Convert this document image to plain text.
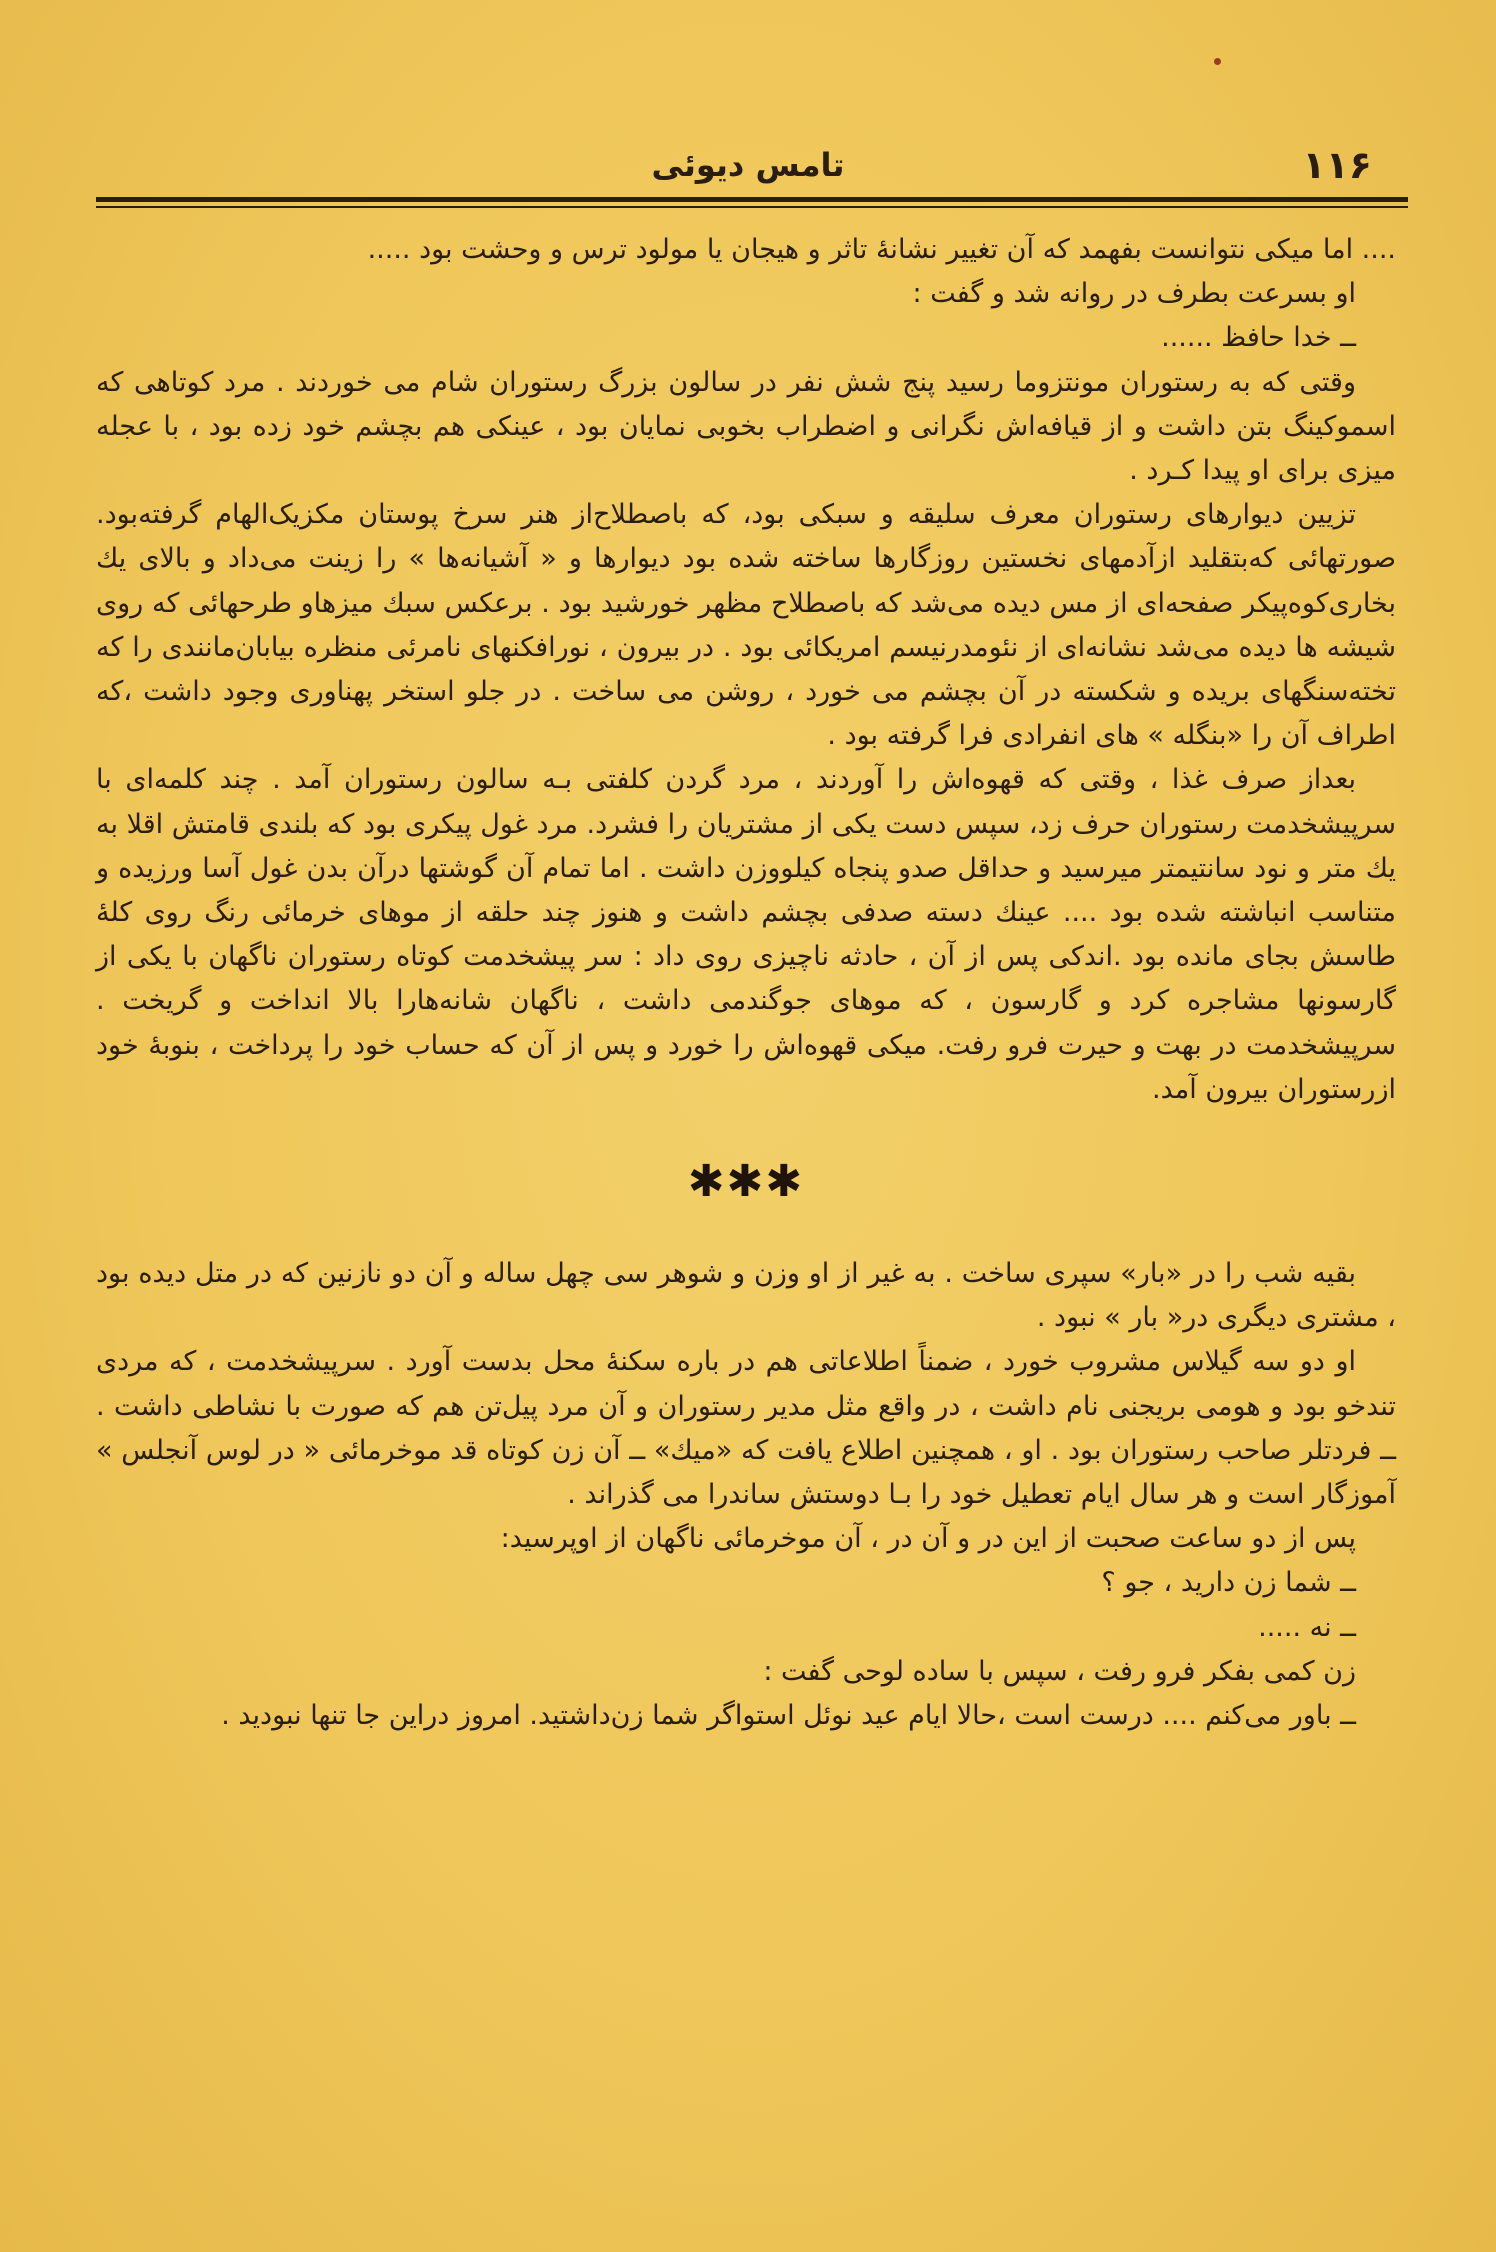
۱۱۶
تامس دیوئی

.... اما میکی نتوانست بفهمد که آن تغییر نشانهٔ تاثر و هیجان یا مولود ترس و وحشت بود .....

او بسرعت بطرف در روانه شد و گفت :

ــ خدا حافظ ......

وقتی که به رستوران مونتزوما رسید پنج شش نفر در سالون بزرگ رستوران شام می خوردند . مرد کوتاهی که اسموکینگ بتن داشت و از قیافه‌اش نگرانی و اضطراب بخوبی نمایان بود ، عینکی هم بچشم خود زده بود ، با عجله میزی برای او پیدا کـرد .

تزیین دیوارهای رستوران معرف سلیقه و سبکی بود، که باصطلاح‌از هنر سرخ پوستان مکزیک‌الهام گرفته‌بود. صورتهائی که‌بتقلید ازآدمهای نخستین روزگارها ساخته شده بود دیوارها و « آشیانه‌ها » را زینت می‌داد و بالای یك بخاری‌کوه‌پیکر صفحه‌ای از مس دیده می‌شد که باصطلاح مظهر خورشید بود . برعکس سبك میزهاو طرحهائی که روی شیشه ها دیده می‌شد نشانه‌ای از نئومدرنیسم امریکائی بود . در بیرون ، نورافکنهای نامرئی منظره بیابان‌مانندی را که تخته‌سنگهای بریده و شکسته در آن بچشم می خورد ، روشن می ساخت . در جلو استخر پهناوری وجود داشت ،که اطراف آن را «بنگله » های انفرادی فرا گرفته بود .

بعداز صرف غذا ، وقتی که قهوه‌اش را آوردند ، مرد گردن کلفتی بـه سالون رستوران آمد . چند کلمه‌ای با سرپیشخدمت رستوران حرف زد، سپس دست یکی از مشتریان را فشرد. مرد غول پیکری بود که بلندی قامتش اقلا به یك متر و نود سانتیمتر میرسید و حداقل صدو پنجاه کیلووزن داشت . اما تمام آن گوشتها درآن بدن غول آسا ورزیده و متناسب انباشته شده بود .... عینك دسته صدفی بچشم داشت و هنوز چند حلقه از موهای خرمائی رنگ روی کلهٔ طاسش بجای مانده بود .اندکی پس از آن ، حادثه ناچیزی روی داد : سر پیشخدمت کوتاه رستوران ناگهان با یکی از گارسونها مشاجره کرد و گارسون ، که موهای جوگندمی داشت ، ناگهان شانه‌هارا بالا انداخت و گریخت . سرپیشخدمت در بهت و حیرت فرو رفت. میکی قهوه‌اش را خورد و پس از آن که حساب خود را پرداخت ، بنوبهٔ خود ازرستوران بیرون آمد.

✱✱✱

بقیه شب را در «بار» سپری ساخت . به غیر از او وزن و شوهر سی چهل ساله و آن دو نازنین که در متل دیده بود ، مشتری دیگری در« بار » نبود .

او دو سه گیلاس مشروب خورد ، ضمناً اطلاعاتی هم در باره سکنهٔ محل بدست آورد . سرپیشخدمت ، که مردی تندخو بود و هومی بریجنی نام داشت ، در واقع مثل مدیر رستوران و آن مرد پیل‌تن هم که صورت با نشاطی داشت . ــ فردتلر صاحب رستوران بود . او ، همچنین اطلاع یافت که «میك» ــ آن زن کوتاه قد موخرمائی « در لوس آنجلس » آموزگار است و هر سال ایام تعطیل خود را بـا دوستش ساندرا می گذراند .

پس از دو ساعت صحبت از این در و آن در ، آن موخرمائی ناگهان از اوپرسید:

ــ شما زن دارید ، جو ؟

ــ نه .....

زن کمی بفکر فرو رفت ، سپس با ساده لوحی گفت :

ــ باور می‌کنم .... درست است ،حالا ایام عید نوئل استواگر شما زن‌داشتید. امروز دراین جا تنها نبودید .
